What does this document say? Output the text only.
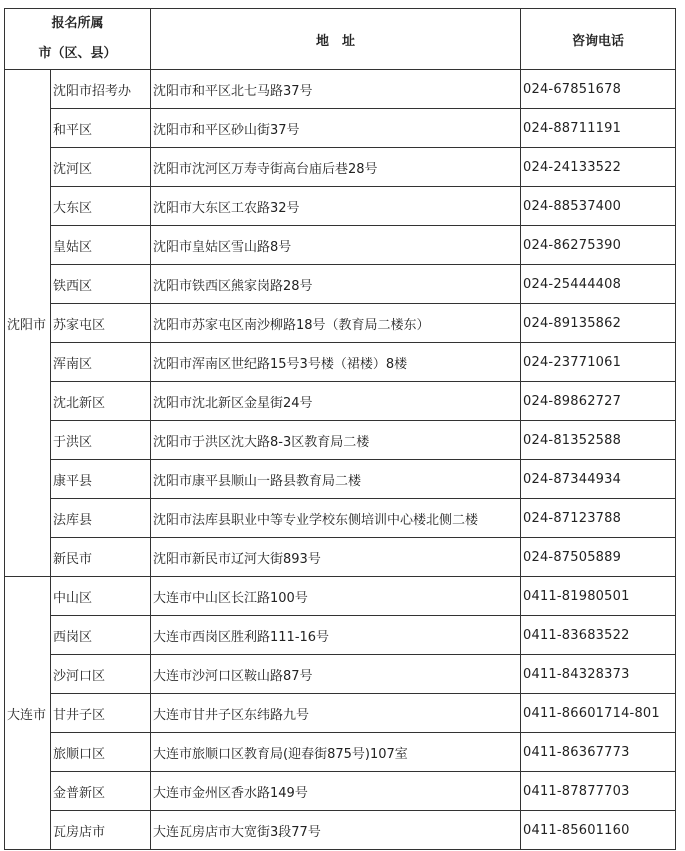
报名所属
市（区、县）		地　址	咨询电话
沈阳市	沈阳市招考办	沈阳市和平区北七马路37号	024-67851678
	和平区	沈阳市和平区砂山街37号	024-88711191
	沈河区	沈阳市沈河区万寿寺街高台庙后巷28号	024-24133522
	大东区	沈阳市大东区工农路32号	024-88537400
	皇姑区	沈阳市皇姑区雪山路8号	024-86275390
	铁西区	沈阳市铁西区熊家岗路28号	024-25444408
	苏家屯区	沈阳市苏家屯区南沙柳路18号（教育局二楼东）	024-89135862
	浑南区	沈阳市浑南区世纪路15号3号楼（裙楼）8楼	024-23771061
	沈北新区	沈阳市沈北新区金星街24号	024-89862727
	于洪区	沈阳市于洪区沈大路8-3区教育局二楼	024-81352588
	康平县	沈阳市康平县顺山一路县教育局二楼	024-87344934
	法库县	沈阳市法库县职业中等专业学校东侧培训中心楼北侧二楼	024-87123788
	新民市	沈阳市新民市辽河大街893号	024-87505889
大连市	中山区	大连市中山区长江路100号	0411-81980501
	西岗区	大连市西岗区胜利路111-16号	0411-83683522
	沙河口区	大连市沙河口区鞍山路87号	0411-84328373
	甘井子区	大连市甘井子区东纬路九号	0411-86601714-801
	旅顺口区	大连市旅顺口区教育局(迎春街875号)107室	0411-86367773
	金普新区	大连市金州区香水路149号	0411-87877703
	瓦房店市	大连瓦房店市大宽街3段77号	0411-85601160
